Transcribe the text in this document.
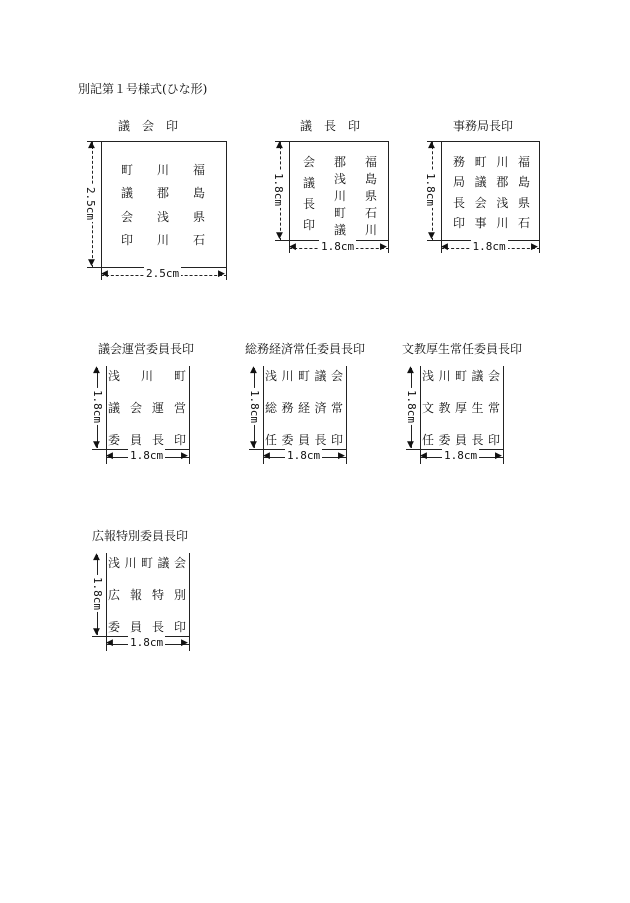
別記第１号様式(ひな形)
議　会　印
▲
▼
2.5cm
◀	▶
2.5cm
町
議
会
印
川
郡
浅
川
福
島
県
石
議　長　印
▲
▼
1.8cm
◀	▶
1.8cm
会
議
長
印
郡
浅
川
町
議
福
島
県
石
川
事務局長印
▲
▼
1.8cm
◀	▶
1.8cm
務
局
長
印
町
議
会
事
川
郡
浅
川
福
島
県
石
議会運営委員長印
▲
▼
1.8cm
◀	▶
1.8cm
浅 川 町
議 会 運 営
委 員 長 印
総務経済常任委員長印
▲
▼
1.8cm
◀	▶
1.8cm
浅 川 町 議 会
総 務 経 済 常
任 委 員 長 印
文教厚生常任委員長印
▲
▼
1.8cm
◀	▶
1.8cm
浅 川 町 議 会
文 教 厚 生 常
任 委 員 長 印
広報特別委員長印
▲
▼
1.8cm
◀	▶
1.8cm
浅 川 町 議 会
広 報 特 別
委 員 長 印
